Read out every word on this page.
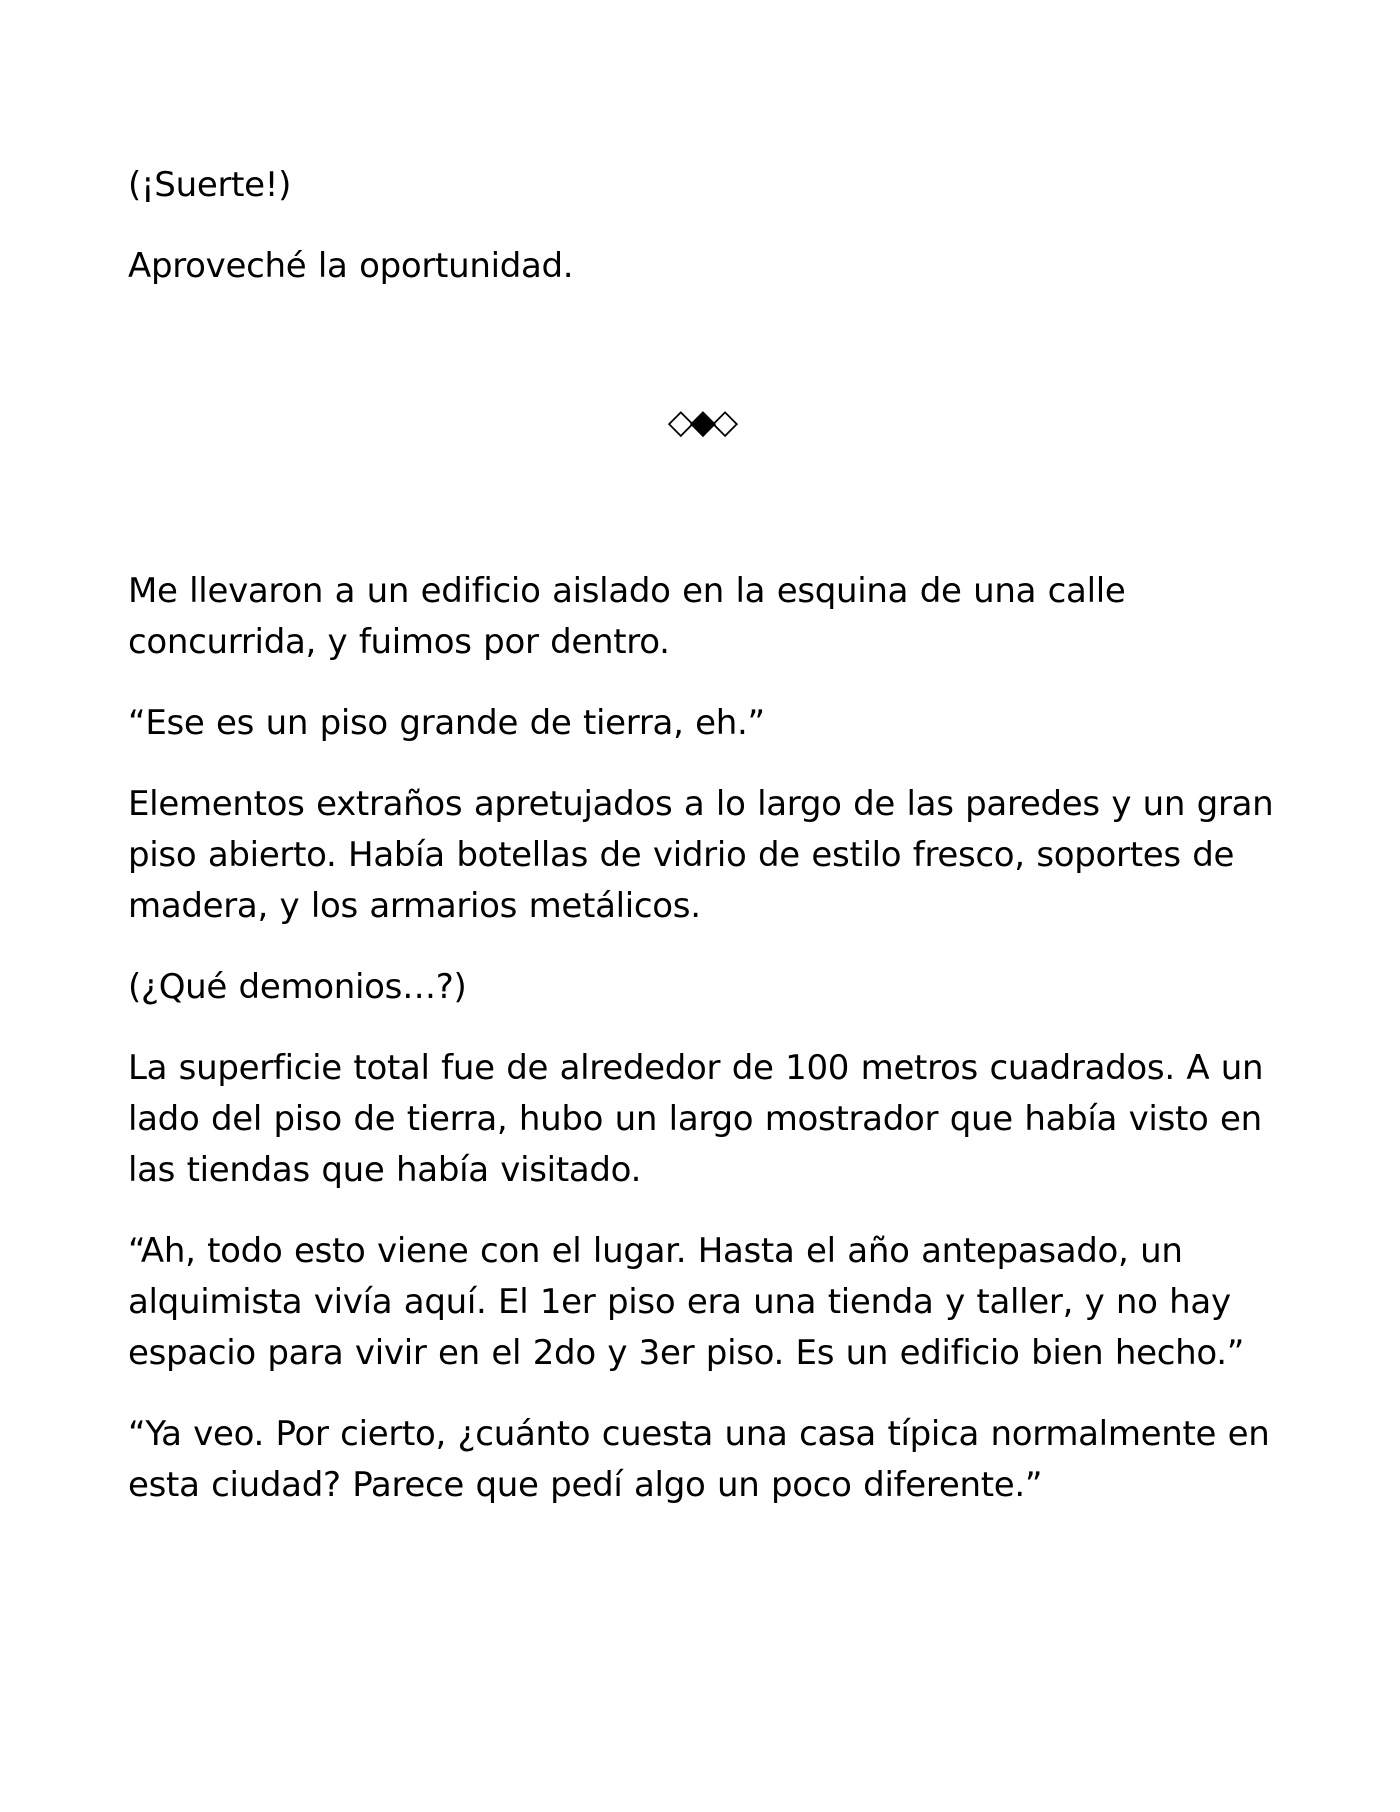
(¡Suerte!)

Aproveché la oportunidad.

◇◆◇

Me llevaron a un edificio aislado en la esquina de una calle concurrida, y fuimos por dentro.

“Ese es un piso grande de tierra, eh.”

Elementos extraños apretujados a lo largo de las paredes y un gran piso abierto. Había botellas de vidrio de estilo fresco, soportes de madera, y los armarios metálicos.

(¿Qué demonios…?)

La superficie total fue de alrededor de 100 metros cuadrados. A un lado del piso de tierra, hubo un largo mostrador que había visto en las tiendas que había visitado.

“Ah, todo esto viene con el lugar. Hasta el año antepasado, un alquimista vivía aquí. El 1er piso era una tienda y taller, y no hay espacio para vivir en el 2do y 3er piso. Es un edificio bien hecho.”

“Ya veo. Por cierto, ¿cuánto cuesta una casa típica normalmente en esta ciudad? Parece que pedí algo un poco diferente.”
